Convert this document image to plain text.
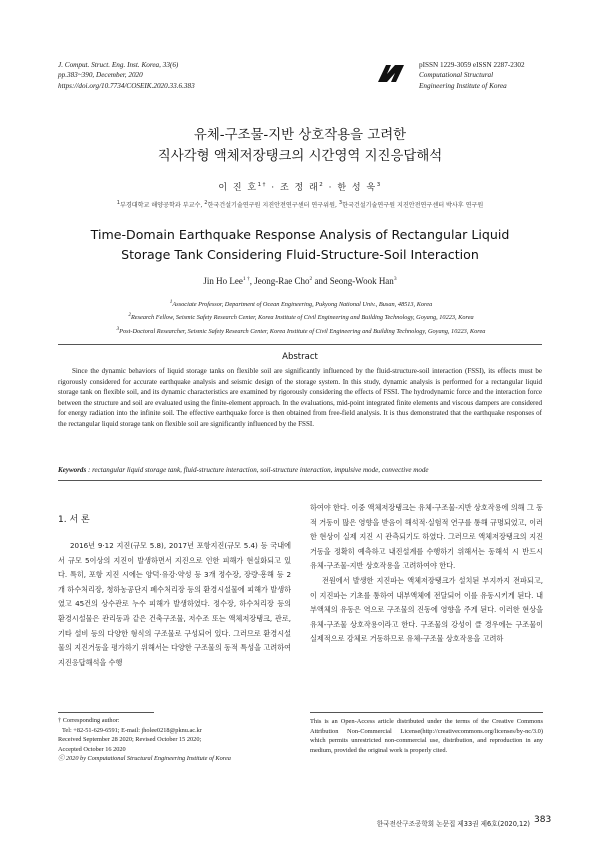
J. Comput. Struct. Eng. Inst. Korea, 33(6)
pp.383~390, December, 2020
https://doi.org/10.7734/COSEIK.2020.33.6.383
pISSN 1229-3059 eISSN 2287-2302
Computational Structural
Engineering Institute of Korea
유체-구조물-지반 상호작용을 고려한
직사각형 액체저장탱크의 시간영역 지진응답해석
이 진 호$^{1\dagger}$ · 조 정 래$^2$ · 한 성 욱$^3$
$^1$부경대학교 해양공학과 부교수, $^2$한국건설기술연구원 지진안전연구센터 연구위원, $^3$한국건설기술연구원 지진안전연구센터 박사후 연구원
Time-Domain Earthquake Response Analysis of Rectangular Liquid
Storage Tank Considering Fluid-Structure-Soil Interaction
Jin Ho Lee$^{1 \dagger}$, Jeong-Rae Cho$^2$ and Seong-Wook Han$^3$
$^1$Associate Professor, Department of Ocean Engineering, Pukyong National Univ., Busan, 48513, Korea
$^2$Research Fellow, Seismic Safety Research Center, Korea Institute of Civil Engineering and Building Technology, Goyang, 10223, Korea
$^3$Post-Doctoral Researcher, Seismic Safety Research Center, Korea Institute of Civil Engineering and Building Technology, Goyang, 10223, Korea
Abstract
Since the dynamic behaviors of liquid storage tanks on flexible soil are significantly influenced by the fluid-structure-soil interaction (FSSI), its effects must be rigorously considered for accurate earthquake analysis and seismic design of the storage system. In this study, dynamic analysis is performed for a rectangular liquid storage tank on flexible soil, and its dynamic characteristics are examined by rigorously considering the effects of FSSI. The hydrodynamic force and the interaction force between the structure and soil are evaluated using the finite-element approach. In the evaluations, mid-point integrated finite elements and viscous dampers are considered for energy radiation into the infinite soil. The effective earthquake force is then obtained from free-field analysis. It is thus demonstrated that the earthquake responses of the rectangular liquid storage tank on flexible soil are significantly influenced by the FSSI.
Keywords : rectangular liquid storage tank, fluid-structure interaction, soil-structure interaction, impulsive mode, convective mode
1. 서 론

2016년 9·12 지진(규모 5.8), 2017년 포항지진(규모 5.4) 등 국내에서 규모 5이상의 지진이 발생하면서 지진으로 인한 피해가 현실화되고 있다. 특히, 포항 지진 시에는 양덕·유강·약성 등 3개 정수장, 장량·흥해 등 2개 하수처리장, 청하농공단지 폐수처리장 등의 환경시설물에 피해가 발생하였고 45건의 상수관로 누수 피해가 발생하였다. 정수장, 하수처리장 등의 환경시설물은 관리동과 같은 건축구조물, 저수조 또는 액체저장탱크, 관로, 기타 설비 등의 다양한 형식의 구조물로 구성되어 있다. 그러므로 환경시설물의 지진거동을 평가하기 위해서는 다양한 구조물의 동적 특성을 고려하여 지진응답해석을 수행

하여야 한다. 이중 액체저장탱크는 유체-구조물-지반 상호작용에 의해 그 동적 거동이 많은 영향을 받음이 해석적·실험적 연구를 통해 규명되었고, 이러한 현상이 실제 지진 시 관측되기도 하였다. 그러므로 액체저장탱크의 지진거동을 정확히 예측하고 내진설계를 수행하기 위해서는 동해석 시 반드시 유체-구조물-지반 상호작용을 고려하여야 한다.

전원에서 발생한 지진파는 액체저장탱크가 설치된 부지까지 전파되고, 이 지진파는 기초를 통하여 내부액체에 전달되어 이를 유동시키게 된다. 내부액체의 유동은 역으로 구조물의 진동에 영향을 주게 된다. 이러한 현상을 유체-구조물 상호작용이라고 한다. 구조물의 강성이 클 경우에는 구조물이 실제적으로 강체로 거동하므로 유체-구조물 상호작용을 고려하

† Corresponding author:
Tel: +82-51-629-6591; E-mail: jholee0218@pknu.ac.kr
Received September 28 2020; Revised October 15 2020;
Accepted October 16 2020
ⓒ 2020 by Computational Structural Engineering Institute of Korea
This is an Open-Access article distributed under the terms of the Creative Commons Attribution Non-Commercial License(http://creativecommons.org/licenses/by-nc/3.0) which permits unrestricted non-commercial use, distribution, and reproduction in any medium, provided the original work is properly cited.
한국전산구조공학회 논문집 제33권 제6호(2020,12) 383
